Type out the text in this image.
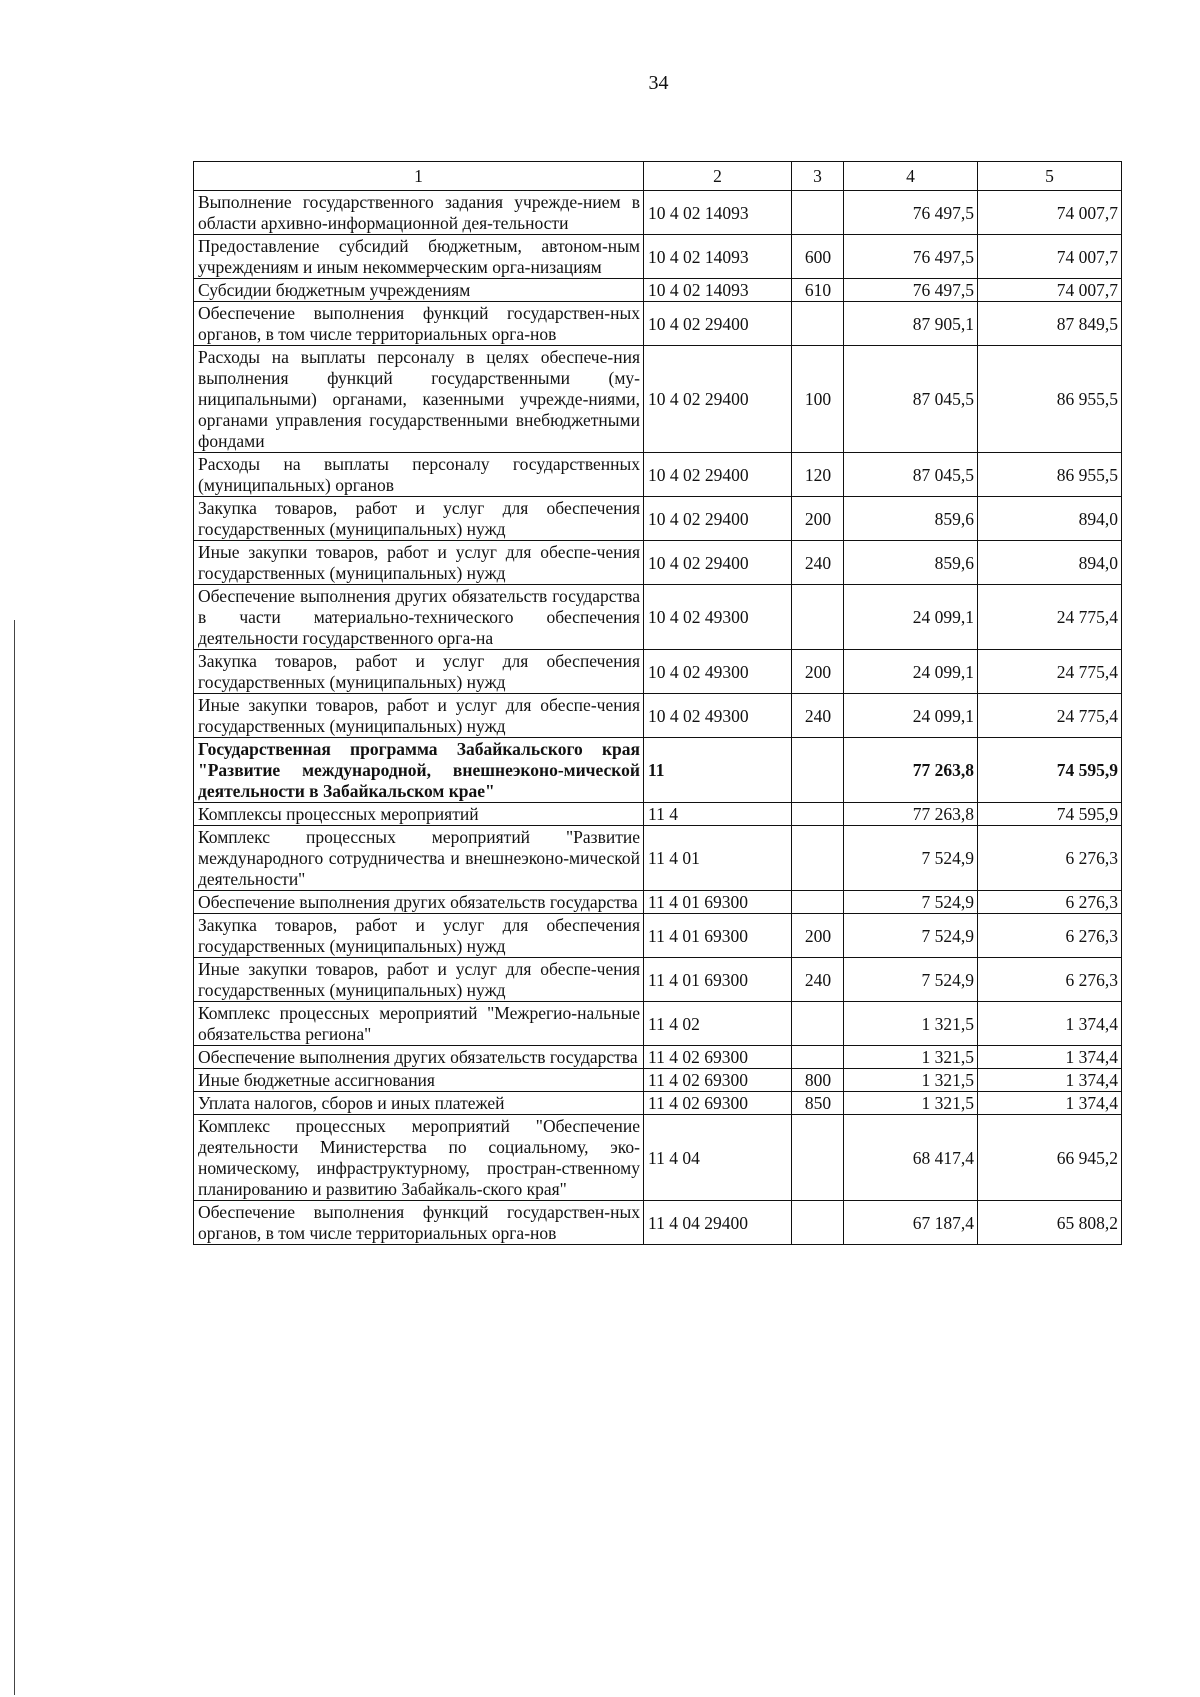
34
1	2	3	4	5
Выполнение государственного задания учрежде-нием в области архивно-информационной дея-тельности	10 4 02 14093		76 497,5	74 007,7
Предоставление субсидий бюджетным, автоном-ным учреждениям и иным некоммерческим орга-низациям	10 4 02 14093	600	76 497,5	74 007,7
Субсидии бюджетным учреждениям	10 4 02 14093	610	76 497,5	74 007,7
Обеспечение выполнения функций государствен-ных органов, в том числе территориальных орга-нов	10 4 02 29400		87 905,1	87 849,5
Расходы на выплаты персоналу в целях обеспече-ния выполнения функций государственными (му-ниципальными) органами, казенными учрежде-ниями, органами управления государственными внебюджетными фондами	10 4 02 29400	100	87 045,5	86 955,5
Расходы на выплаты персоналу государственных (муниципальных) органов	10 4 02 29400	120	87 045,5	86 955,5
Закупка товаров, работ и услуг для обеспечения государственных (муниципальных) нужд	10 4 02 29400	200	859,6	894,0
Иные закупки товаров, работ и услуг для обеспе-чения государственных (муниципальных) нужд	10 4 02 29400	240	859,6	894,0
Обеспечение выполнения других обязательств государства в части материально-технического обеспечения деятельности государственного орга-на	10 4 02 49300		24 099,1	24 775,4
Закупка товаров, работ и услуг для обеспечения государственных (муниципальных) нужд	10 4 02 49300	200	24 099,1	24 775,4
Иные закупки товаров, работ и услуг для обеспе-чения государственных (муниципальных) нужд	10 4 02 49300	240	24 099,1	24 775,4
Государственная программа Забайкальского края "Развитие международной, внешнеэконо-мической деятельности в Забайкальском крае"	11		77 263,8	74 595,9
Комплексы процессных мероприятий	11 4		77 263,8	74 595,9
Комплекс процессных мероприятий "Развитие международного сотрудничества и внешнеэконо-мической деятельности"	11 4 01		7 524,9	6 276,3
Обеспечение выполнения других обязательств государства	11 4 01 69300		7 524,9	6 276,3
Закупка товаров, работ и услуг для обеспечения государственных (муниципальных) нужд	11 4 01 69300	200	7 524,9	6 276,3
Иные закупки товаров, работ и услуг для обеспе-чения государственных (муниципальных) нужд	11 4 01 69300	240	7 524,9	6 276,3
Комплекс процессных мероприятий "Межрегио-нальные обязательства региона"	11 4 02		1 321,5	1 374,4
Обеспечение выполнения других обязательств государства	11 4 02 69300		1 321,5	1 374,4
Иные бюджетные ассигнования	11 4 02 69300	800	1 321,5	1 374,4
Уплата налогов, сборов и иных платежей	11 4 02 69300	850	1 321,5	1 374,4
Комплекс процессных мероприятий "Обеспечение деятельности Министерства по социальному, эко-номическому, инфраструктурному, простран-ственному планированию и развитию Забайкаль-ского края"	11 4 04		68 417,4	66 945,2
Обеспечение выполнения функций государствен-ных органов, в том числе территориальных орга-нов	11 4 04 29400		67 187,4	65 808,2
